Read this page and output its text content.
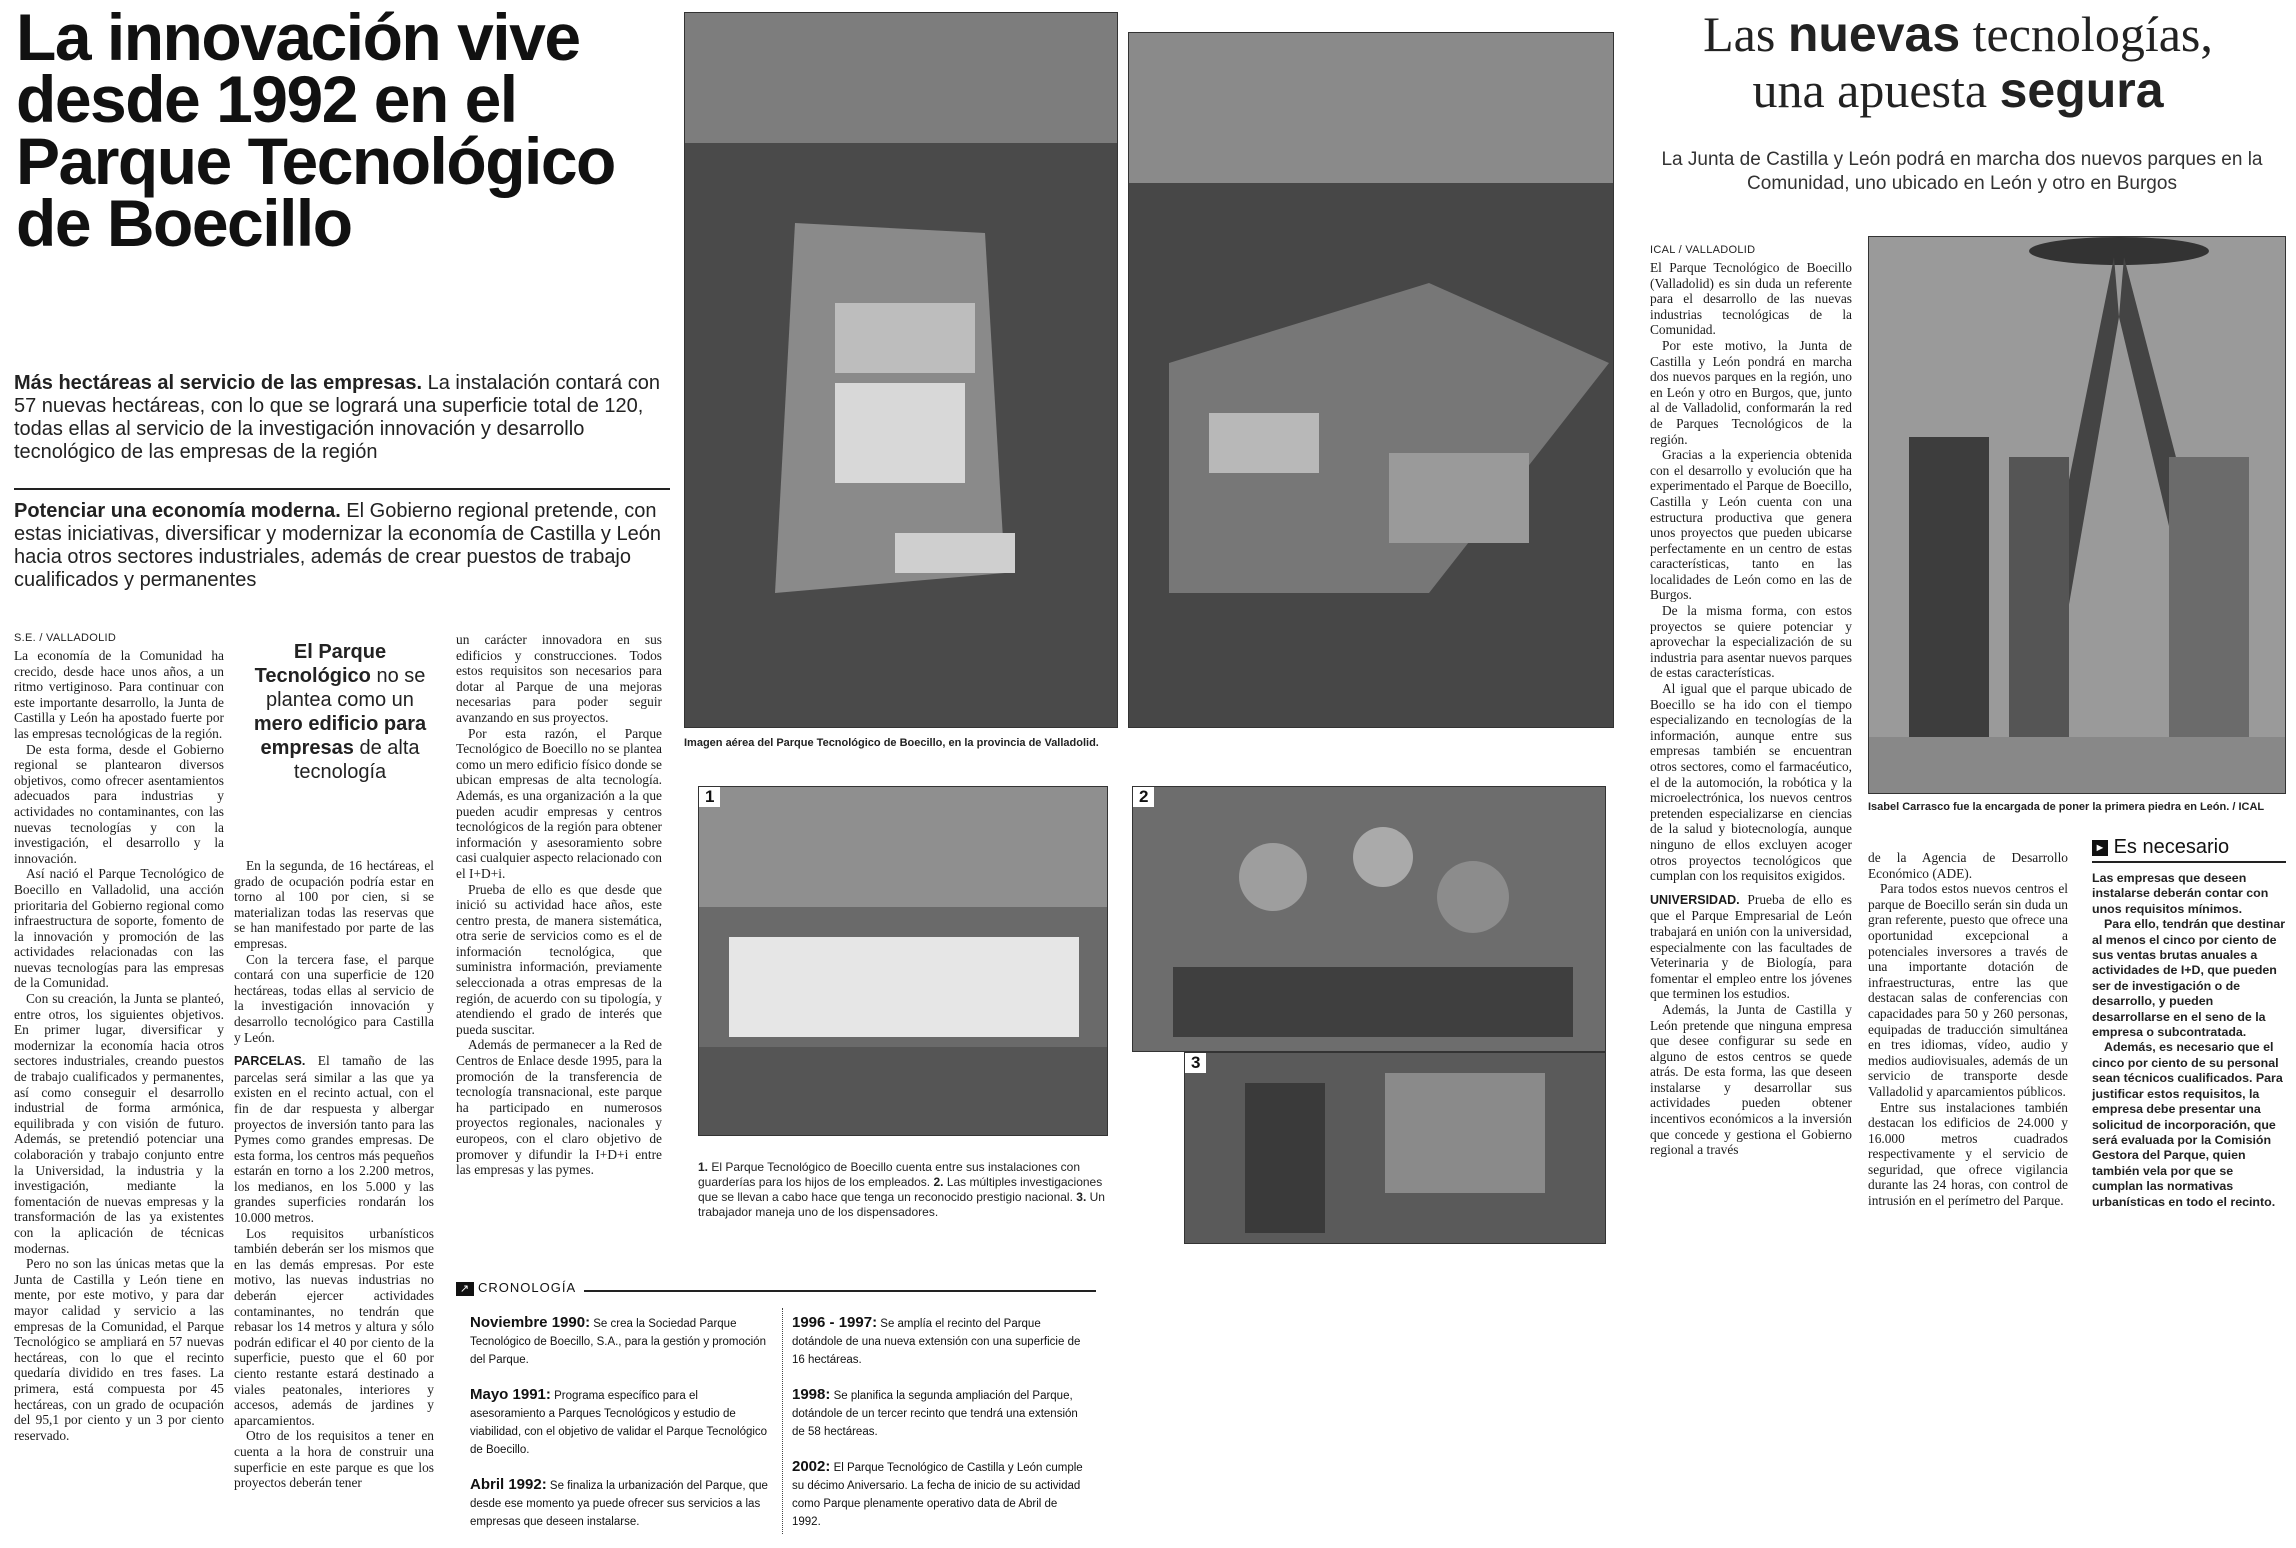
La innovación vive desde 1992 en el Parque Tecnológico de Boecillo
Más hectáreas al servicio de las empresas. La instalación contará con 57 nuevas hectáreas, con lo que se logrará una superficie total de 120, todas ellas al servicio de la investigación innovación y desarrollo tecnológico de las empresas de la región
Potenciar una economía moderna. El Gobierno regional pretende, con estas iniciativas, diversificar y modernizar la economía de Castilla y León hacia otros sectores industriales, además de crear puestos de trabajo cualificados y permanentes
S.E. / VALLADOLID

La economía de la Comunidad ha crecido, desde hace unos años, a un ritmo vertiginoso. Para continuar con este importante desarrollo, la Junta de Castilla y León ha apostado fuerte por las empresas tecnológicas de la región.

De esta forma, desde el Gobierno regional se plantearon diversos objetivos, como ofrecer asentamientos adecuados para industrias y actividades no contaminantes, con las nuevas tecnologías y con la investigación, el desarrollo y la innovación.

Así nació el Parque Tecnológico de Boecillo en Valladolid, una acción prioritaria del Gobierno regional como infraestructura de soporte, fomento de la innovación y promoción de las actividades relacionadas con las nuevas tecnologías para las empresas de la Comunidad.

Con su creación, la Junta se planteó, entre otros, los siguientes objetivos. En primer lugar, diversificar y modernizar la economía hacia otros sectores industriales, creando puestos de trabajo cualificados y permanentes, así como conseguir el desarrollo industrial de forma armónica, equilibrada y con visión de futuro. Además, se pretendió potenciar una colaboración y trabajo conjunto entre la Universidad, la industria y la investigación, mediante la fomentación de nuevas empresas y la transformación de las ya existentes con la aplicación de técnicas modernas.

Pero no son las únicas metas que la Junta de Castilla y León tiene en mente, por este motivo, y para dar mayor calidad y servicio a las empresas de la Comunidad, el Parque Tecnológico se ampliará en 57 nuevas hectáreas, con lo que el recinto quedaría dividido en tres fases. La primera, está compuesta por 45 hectáreas, con un grado de ocupación del 95,1 por ciento y un 3 por ciento reservado.

El Parque Tecnológico no se plantea como un mero edificio para empresas de alta tecnología

En la segunda, de 16 hectáreas, el grado de ocupación podría estar en torno al 100 por cien, si se materializan todas las reservas que se han manifestado por parte de las empresas.

Con la tercera fase, el parque contará con una superficie de 120 hectáreas, todas ellas al servicio de la investigación innovación y desarrollo tecnológico para Castilla y León.

PARCELAS. El tamaño de las parcelas será similar a las que ya existen en el recinto actual, con el fin de dar respuesta y albergar proyectos de inversión tanto para las Pymes como grandes empresas. De esta forma, los centros más pequeños estarán en torno a los 2.200 metros, los medianos, en los 5.000 y las grandes superficies rondarán los 10.000 metros.

Los requisitos urbanísticos también deberán ser los mismos que en las demás empresas. Por este motivo, las nuevas industrias no deberán ejercer actividades contaminantes, no tendrán que rebasar los 14 metros y altura y sólo podrán edificar el 40 por ciento de la superficie, puesto que el 60 por ciento restante estará destinado a viales peatonales, interiores y accesos, además de jardines y aparcamientos.

Otro de los requisitos a tener en cuenta a la hora de construir una superficie en este parque es que los proyectos deberán tener

un carácter innovadora en sus edificios y construcciones. Todos estos requisitos son necesarios para dotar al Parque de una mejoras necesarias para poder seguir avanzando en sus proyectos.

Por esta razón, el Parque Tecnológico de Boecillo no se plantea como un mero edificio físico donde se ubican empresas de alta tecnología. Además, es una organización a la que pueden acudir empresas y centros tecnológicos de la región para obtener información y asesoramiento sobre casi cualquier aspecto relacionado con el I+D+i.

Prueba de ello es que desde que inició su actividad hace años, este centro presta, de manera sistemática, otra serie de servicios como es el de información tecnológica, que suministra información, previamente seleccionada a otras empresas de la región, de acuerdo con su tipología, y atendiendo el grado de interés que pueda suscitar.

Además de permanecer a la Red de Centros de Enlace desde 1995, para la promoción de la transferencia de tecnología transnacional, este parque ha participado en numerosos proyectos regionales, nacionales y europeos, con el claro objetivo de promover y difundir la I+D+i entre las empresas y las pymes.

Imagen aérea del Parque Tecnológico de Boecillo, en la provincia de Valladolid.
1	2
3
1. El Parque Tecnológico de Boecillo cuenta entre sus instalaciones con guarderías para los hijos de los empleados. 2. Las múltiples investigaciones que se llevan a cabo hace que tenga un reconocido prestigio nacional. 3. Un trabajador maneja uno de los dispensadores.
↗ CRONOLOGÍA
Noviembre 1990: Se crea la Sociedad Parque Tecnológico de Boecillo, S.A., para la gestión y promoción del Parque.
Mayo 1991: Programa específico para el asesoramiento a Parques Tecnológicos y estudio de viabilidad, con el objetivo de validar el Parque Tecnológico de Boecillo.
Abril 1992: Se finaliza la urbanización del Parque, que desde ese momento ya puede ofrecer sus servicios a las empresas que deseen instalarse.
1996 - 1997: Se amplía el recinto del Parque dotándole de una nueva extensión con una superficie de 16 hectáreas.
1998: Se planifica la segunda ampliación del Parque, dotándole de un tercer recinto que tendrá una extensión de 58 hectáreas.
2002: El Parque Tecnológico de Castilla y León cumple su décimo Aniversario. La fecha de inicio de su actividad como Parque plenamente operativo data de Abril de 1992.
Las nuevas tecnologías,
una apuesta segura
La Junta de Castilla y León podrá en marcha dos nuevos parques en la Comunidad, uno ubicado en León y otro en Burgos
ICAL / VALLADOLID

El Parque Tecnológico de Boecillo (Valladolid) es sin duda un referente para el desarrollo de las nuevas industrias tecnológicas de la Comunidad.

Por este motivo, la Junta de Castilla y León pondrá en marcha dos nuevos parques en la región, uno en León y otro en Burgos, que, junto al de Valladolid, conformarán la red de Parques Tecnológicos de la región.

Gracias a la experiencia obtenida con el desarrollo y evolución que ha experimentado el Parque de Boecillo, Castilla y León cuenta con una estructura productiva que genera unos proyectos que pueden ubicarse perfectamente en un centro de estas características, tanto en las localidades de León como en las de Burgos.

De la misma forma, con estos proyectos se quiere potenciar y aprovechar la especialización de su industria para asentar nuevos parques de estas características.

Al igual que el parque ubicado de Boecillo se ha ido con el tiempo especializando en tecnologías de la información, aunque entre sus empresas también se encuentran otros sectores, como el farmacéutico, el de la automoción, la robótica y la microelectrónica, los nuevos centros pretenden especializarse en ciencias de la salud y biotecnología, aunque ninguno de ellos excluyen acoger otros proyectos tecnológicos que cumplan con los requisitos exigidos.

UNIVERSIDAD. Prueba de ello es que el Parque Empresarial de León trabajará en unión con la universidad, especialmente con las facultades de Veterinaria y de Biología, para fomentar el empleo entre los jóvenes que terminen los estudios.

Además, la Junta de Castilla y León pretende que ninguna empresa que desee configurar su sede en alguno de estos centros se quede atrás. De esta forma, las que deseen instalarse y desarrollar sus actividades pueden obtener incentivos económicos a la inversión que concede y gestiona el Gobierno regional a través

Isabel Carrasco fue la encargada de poner la primera piedra en León. / ICAL

de la Agencia de Desarrollo Económico (ADE).

Para todos estos nuevos centros el parque de Boecillo serán sin duda un gran referente, puesto que ofrece una oportunidad excepcional a potenciales inversores a través de una importante dotación de infraestructuras, entre las que destacan salas de conferencias con capacidades para 50 y 260 personas, equipadas de traducción simultánea en tres idiomas, vídeo, audio y medios audiovisuales, además de un servicio de transporte desde Valladolid y aparcamientos públicos.

Entre sus instalaciones también destacan los edificios de 24.000 y 16.000 metros cuadrados respectivamente y el servicio de seguridad, que ofrece vigilancia durante las 24 horas, con control de intrusión en el perímetro del Parque.

► Es necesario

Las empresas que deseen instalarse deberán contar con unos requisitos mínimos.

Para ello, tendrán que destinar al menos el cinco por ciento de sus ventas brutas anuales a actividades de I+D, que pueden ser de investigación o de desarrollo, y pueden desarrollarse en el seno de la empresa o subcontratada.

Además, es necesario que el cinco por ciento de su personal sean técnicos cualificados. Para justificar estos requisitos, la empresa debe presentar una solicitud de incorporación, que será evaluada por la Comisión Gestora del Parque, quien también vela por que se cumplan las normativas urbanísticas en todo el recinto.
